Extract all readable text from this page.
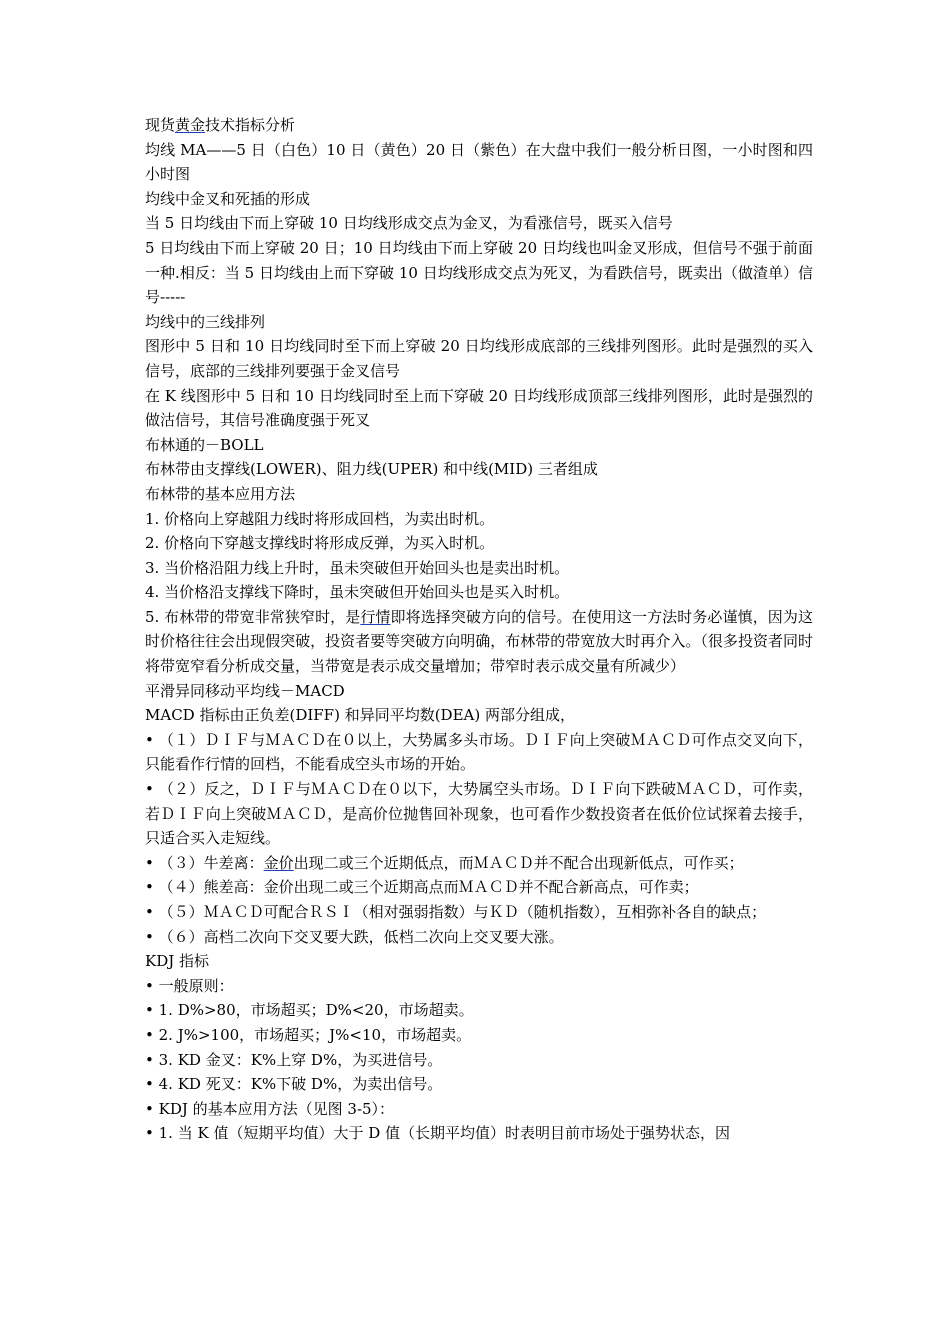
现货黄金技术指标分析

均线 MA——5 日（白色）10 日（黄色）20 日（紫色）在大盘中我们一般分析日图，一小时图和四小时图

均线中金叉和死插的形成

当 5 日均线由下而上穿破 10 日均线形成交点为金叉，为看涨信号，既买入信号

5 日均线由下而上穿破 20 日；10 日均线由下而上穿破 20 日均线也叫金叉形成，但信号不强于前面一种.相反：当 5 日均线由上而下穿破 10 日均线形成交点为死叉，为看跌信号，既卖出（做渣单）信号-----

均线中的三线排列

图形中 5 日和 10 日均线同时至下而上穿破 20 日均线形成底部的三线排列图形。此时是强烈的买入信号，底部的三线排列要强于金叉信号

在 K 线图形中 5 日和 10 日均线同时至上而下穿破 20 日均线形成顶部三线排列图形，此时是强烈的做沽信号，其信号准确度强于死叉

布林通的－BOLL

布林带由支撑线(LOWER)、阻力线(UPER) 和中线(MID) 三者组成

布林带的基本应用方法

1. 价格向上穿越阻力线时将形成回档，为卖出时机。

2. 价格向下穿越支撑线时将形成反弹，为买入时机。

3. 当价格沿阻力线上升时，虽未突破但开始回头也是卖出时机。

4. 当价格沿支撑线下降时，虽未突破但开始回头也是买入时机。

5. 布林带的带宽非常狭窄时，是行情即将选择突破方向的信号。在使用这一方法时务必谨慎，因为这时价格往往会出现假突破，投资者要等突破方向明确，布林带的带宽放大时再介入。（很多投资者同时将带宽窄看分析成交量，当带宽是表示成交量增加；带窄时表示成交量有所减少）

平滑异同移动平均线－MACD

MACD 指标由正负差(DIFF) 和异同平均数(DEA) 两部分组成，

• （１）ＤＩＦ与ＭＡＣＤ在０以上，大势属多头市场。ＤＩＦ向上突破ＭＡＣＤ可作点交叉向下，只能看作行情的回档，不能看成空头市场的开始。

• （２）反之，ＤＩＦ与ＭＡＣＤ在０以下，大势属空头市场。ＤＩＦ向下跌破ＭＡＣＤ，可作卖，若ＤＩＦ向上突破ＭＡＣＤ，是高价位抛售回补现象，也可看作少数投资者在低价位试探着去接手，只适合买入走短线。

• （３）牛差离：金价出现二或三个近期低点，而ＭＡＣＤ并不配合出现新低点，可作买；

• （４）熊差高：金价出现二或三个近期高点而ＭＡＣＤ并不配合新高点，可作卖；

• （５）ＭＡＣＤ可配合ＲＳＩ（相对强弱指数）与ＫＤ（随机指数），互相弥补各自的缺点；

• （６）高档二次向下交叉要大跌，低档二次向上交叉要大涨。

KDJ 指标

• 一般原则：

• 1. D%>80，市场超买；D%<20，市场超卖。

• 2. J%>100，市场超买；J%<10，市场超卖。

• 3. KD 金叉：K%上穿 D%，为买进信号。

• 4. KD 死叉：K%下破 D%，为卖出信号。

• KDJ 的基本应用方法（见图 3-5）：

• 1. 当 K 值（短期平均值）大于 D 值（长期平均值）时表明目前市场处于强势状态，因
